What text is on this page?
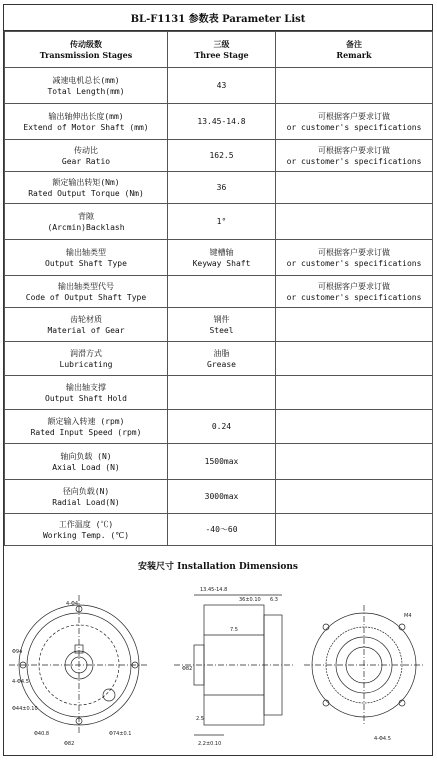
BL-F1131 参数表 Parameter List
传动级数
Transmission Stages	三级
Three Stage	备注
Remark

减速电机总长(mm)
Total Length(mm)	43	

输出轴伸出长度(mm)
Extend of Motor Shaft (mm)	13.45-14.8	可根据客户要求订做
or customer's specifications

传动比
Gear Ratio	162.5	可根据客户要求订做
or customer's specifications

额定输出转矩(Nm)
Rated Output Torque (Nm)	36	

背隙
(Arcmin)Backlash	1°	

输出轴类型
Output Shaft Type	键槽轴
Keyway Shaft	可根据客户要求订做
or customer's specifications

输出轴类型代号
Code of Output Shaft Type		可根据客户要求订做
or customer's specifications

齿轮材质
Material of Gear	钢件
Steel	

润滑方式
Lubricating	油脂
Grease	

输出轴支撑
Output Shaft Hold		

额定输入转速 (rpm)
Rated Input Speed (rpm)	0.24	

轴向负载 (N)
Axial Load (N)	1500max	

径向负载(N)
Radial Load(N)	3000max	

工作温度 (℃)
Working Temp. (℃)	-40～60	

安装尺寸 Installation Dimensions
4-Φ4
Φ94
4-Φ4.5
Φ44±0.10
Φ40.8
Φ82
Φ74±0.1
13.45-14.8
36±0.10 6.3
7.5
Φ82
2.5
2.2±0.10
M4
4-Φ4.5
